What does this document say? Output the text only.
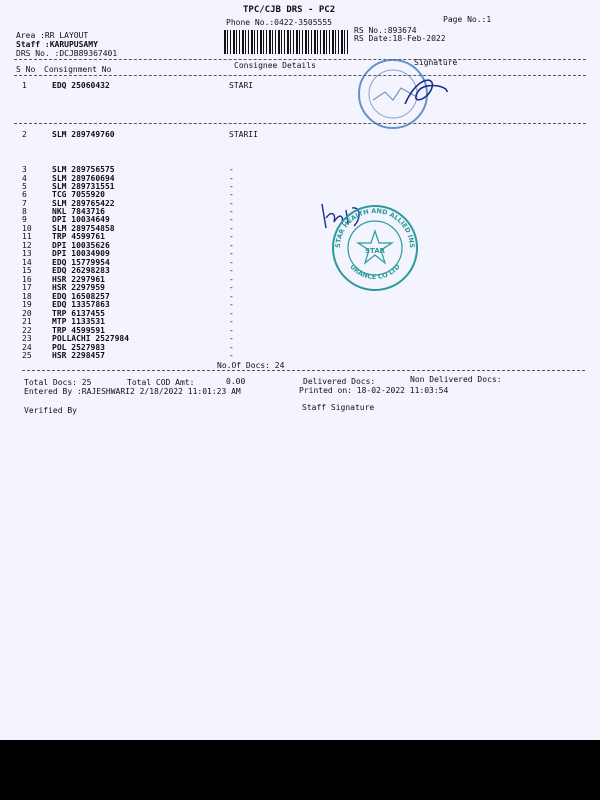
TPC/CJB DRS - PC2
Phone No.:0422-3505555	Page No.:1
Area :RR LAYOUT
Staff :KARUPUSAMY
DRS No. :DCJB89367401
RS No.:893674
RS Date:18-Feb-2022
S No Consignment No	Consignee Details	Signature
1	EDQ 25060432	STARI
2	SLM 289749760	STARII
3	SLM 289756575	-
4	SLM 289760694	-
5	SLM 289731551	-
6	TCG 7055920	-
7	SLM 289765422	-
8	NKL 7843716	-
9	DPI 10034649	-
10	SLM 289754858	-
11	TRP 4599761	-
12	DPI 10035626	-
13	DPI 10034909	-
14	EDQ 15779954	-
15	EDQ 26298283	-
16	HSR 2297961	-
17	HSR 2297959	-
18	EDQ 16508257	-
19	EDQ 13357863	-
20	TRP 6137455	-
21	MTP 1133531	-
22	TRP 4599591	-
23	POLLACHI 2527984	-
24	POL 2527983	-
25	HSR 2298457	-
STAR
STAR HEALTH AND ALLIED INS
URANCE CO LTD
No.Of Docs: 24
Total Docs: 25	Total COD Amt:	0.00	Delivered Docs:	Non Delivered Docs:
Entered By :RAJESHWARI2 2/18/2022 11:01:23 AM	Printed on: 18-02-2022 11:03:54
Verified By	Staff Signature
